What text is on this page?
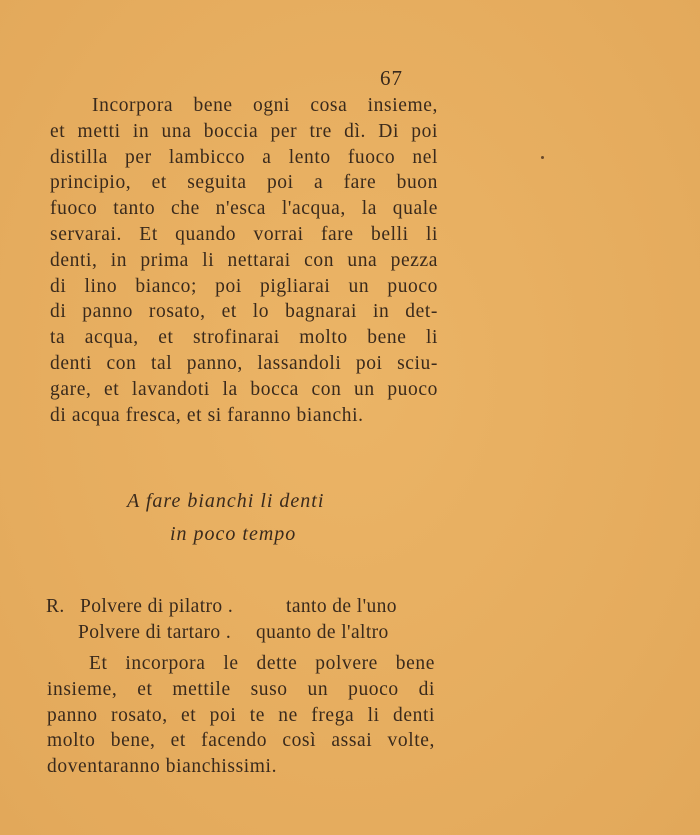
67
Incorpora bene ogni cosa insieme,
et metti in una boccia per tre dì. Di poi
distilla per lambicco a lento fuoco nel
principio, et seguita poi a fare buon
fuoco tanto che n'esca l'acqua, la quale
servarai. Et quando vorrai fare belli li
denti, in prima li nettarai con una pezza
di lino bianco; poi pigliarai un puoco
di panno rosato, et lo bagnarai in det-
ta acqua, et strofinarai molto bene li
denti con tal panno, lassandoli poi sciu-
gare, et lavandoti la bocca con un puoco
di acqua fresca, et si faranno bianchi.
A fare bianchi li denti
in poco tempo
R. Polvere di pilatro .	tanto de l'uno
Polvere di tartaro . quanto de l'altro
Et incorpora le dette polvere bene
insieme, et mettile suso un puoco di
panno rosato, et poi te ne frega li denti
molto bene, et facendo così assai volte,
doventaranno bianchissimi.
